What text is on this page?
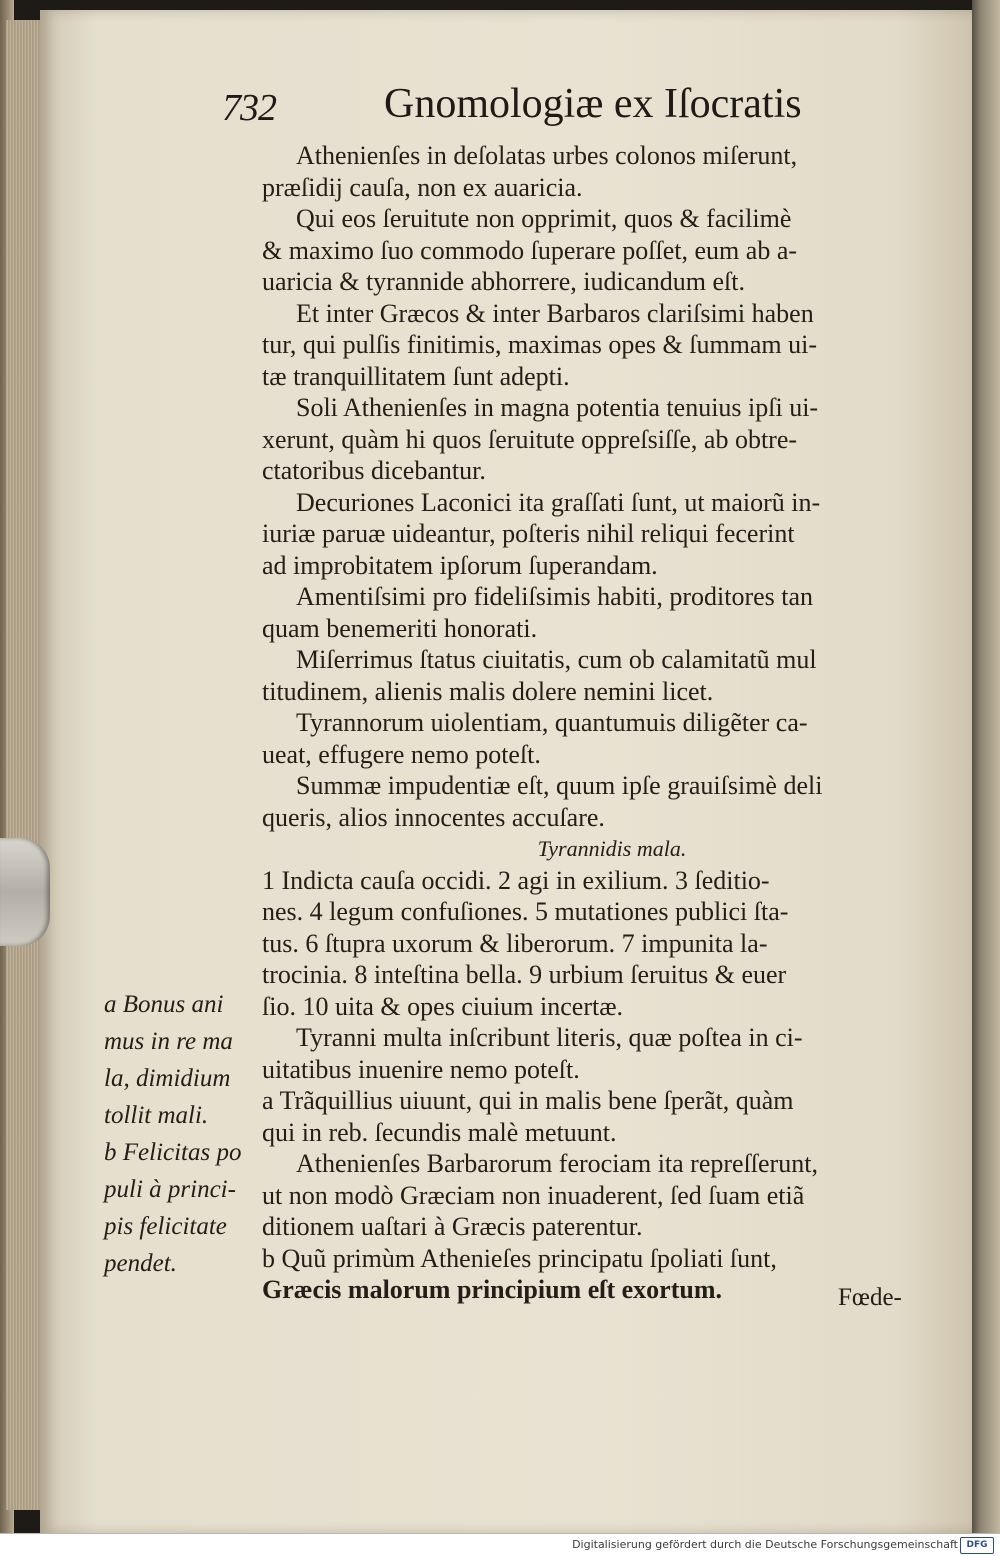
732	Gnomologiæ ex Iſocratis
Athenienſes in deſolatas urbes colonos miſerunt,
præſidij cauſa, non ex auaricia.
Qui eos ſeruitute non opprimit, quos & facilimè
& maximo ſuo commodo ſuperare poſſet, eum ab a-
uaricia & tyrannide abhorrere, iudicandum eſt.
Et inter Græcos & inter Barbaros clariſsimi haben
tur, qui pulſis finitimis, maximas opes & ſummam ui-
tæ tranquillitatem ſunt adepti.
Soli Athenienſes in magna potentia tenuius ipſi ui-
xerunt, quàm hi quos ſeruitute oppreſsiſſe, ab obtre-
ctatoribus dicebantur.
Decuriones Laconici ita graſſati ſunt, ut maiorũ in-
iuriæ paruæ uideantur, poſteris nihil reliqui fecerint
ad improbitatem ipſorum ſuperandam.
Amentiſsimi pro fideliſsimis habiti, proditores tan
quam benemeriti honorati.
Miſerrimus ſtatus ciuitatis, cum ob calamitatũ mul
titudinem, alienis malis dolere nemini licet.
Tyrannorum uiolentiam, quantumuis diligẽter ca-
ueat, effugere nemo poteſt.
Summæ impudentiæ eſt, quum ipſe grauiſsimè deli
queris, alios innocentes accuſare.
Tyrannidis mala.
1 Indicta cauſa occidi. 2 agi in exilium. 3 ſeditio-
nes. 4 legum confuſiones. 5 mutationes publici ſta-
tus. 6 ſtupra uxorum & liberorum. 7 impunita la-
trocinia. 8 inteſtina bella. 9 urbium ſeruitus & euer
ſio. 10 uita & opes ciuium incertæ.
Tyranni multa inſcribunt literis, quæ poſtea in ci-
uitatibus inuenire nemo poteſt.
a Trãquillius uiuunt, qui in malis bene ſperãt, quàm
qui in reb. ſecundis malè metuunt.
Athenienſes Barbarorum ferociam ita repreſſerunt,
ut non modò Græciam non inuaderent, ſed ſuam etiã
ditionem uaſtari à Græcis paterentur.
b Quũ primùm Athenieſes principatu ſpoliati ſunt,
Græcis malorum principium eſt exortum.
a Bonus ani
mus in re ma
la, dimidium
tollit mali.
b Felicitas po
puli à princi-
pis felicitate
pendet.
Fœde-
Digitalisierung gefördert durch die Deutsche Forschungsgemeinschaft DFG
